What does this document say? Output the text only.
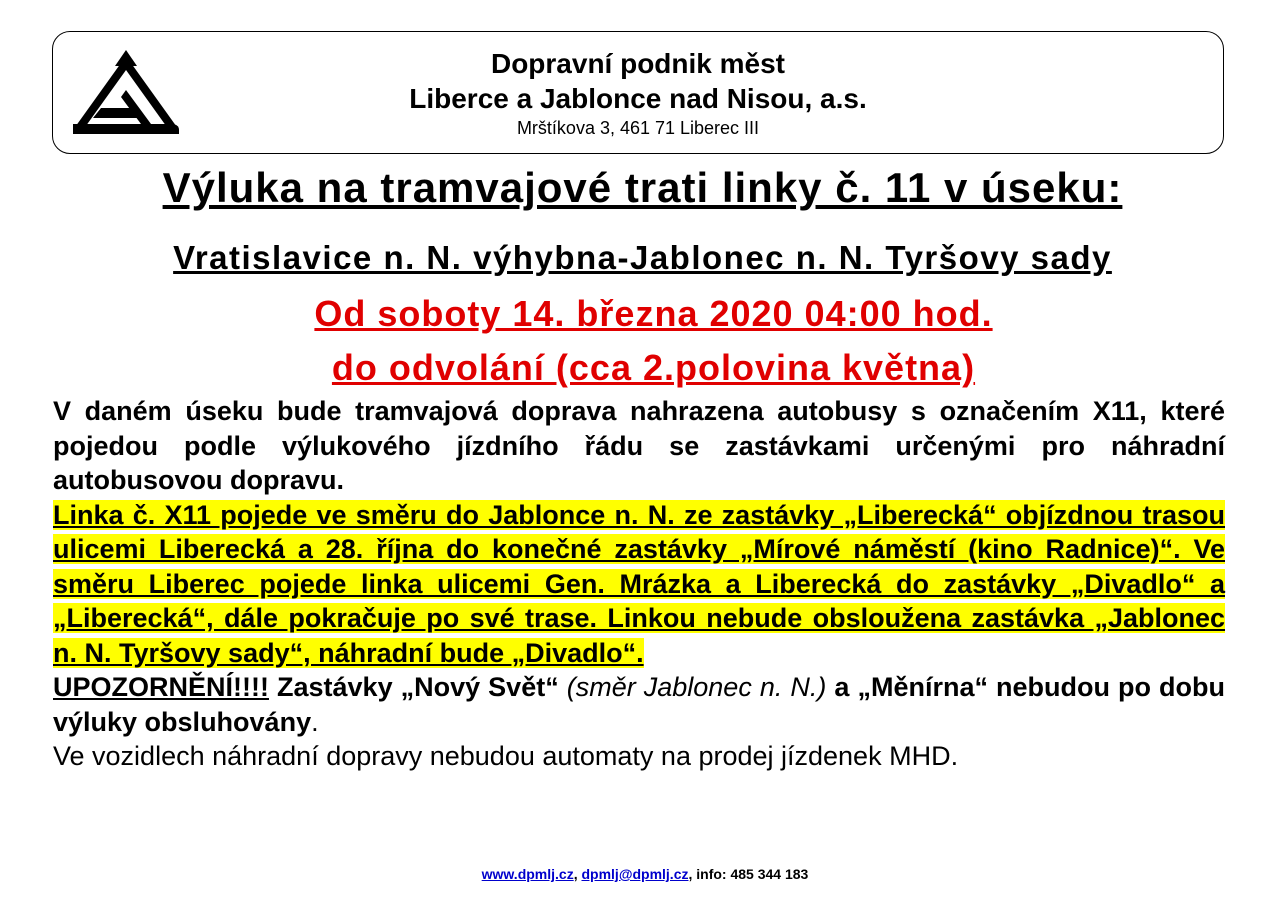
Dopravní podnik měst
Liberce a Jablonce nad Nisou, a.s.
Mrštíkova 3, 461 71 Liberec III
Výluka na tramvajové trati linky č. 11 v úseku:
Vratislavice n. N. výhybna-Jablonec n. N. Tyršovy sady
Od soboty 14. března 2020 04:00 hod.
do odvolání (cca 2.polovina května)

V daném úseku bude tramvajová doprava nahrazena autobusy s označením X11, které pojedou podle výlukového jízdního řádu se zastávkami určenými pro náhradní autobusovou dopravu.

Linka č. X11 pojede ve směru do Jablonce n. N. ze zastávky „Liberecká“ objízdnou trasou ulicemi Liberecká a 28. října do konečné zastávky „Mírové náměstí (kino Radnice)“. Ve směru Liberec pojede linka ulicemi Gen. Mrázka a Liberecká do zastávky „Divadlo“ a „Liberecká“, dále pokračuje po své trase. Linkou nebude obsloužena zastávka „Jablonec n. N. Tyršovy sady“, náhradní bude „Divadlo“.

UPOZORNĚNÍ!!!! Zastávky „Nový Svět“ (směr Jablonec n. N.) a „Měnírna“ nebudou po dobu výluky obsluhovány.

Ve vozidlech náhradní dopravy nebudou automaty na prodej jízdenek MHD.

www.dpmlj.cz, dpmlj@dpmlj.cz, info: 485 344 183
